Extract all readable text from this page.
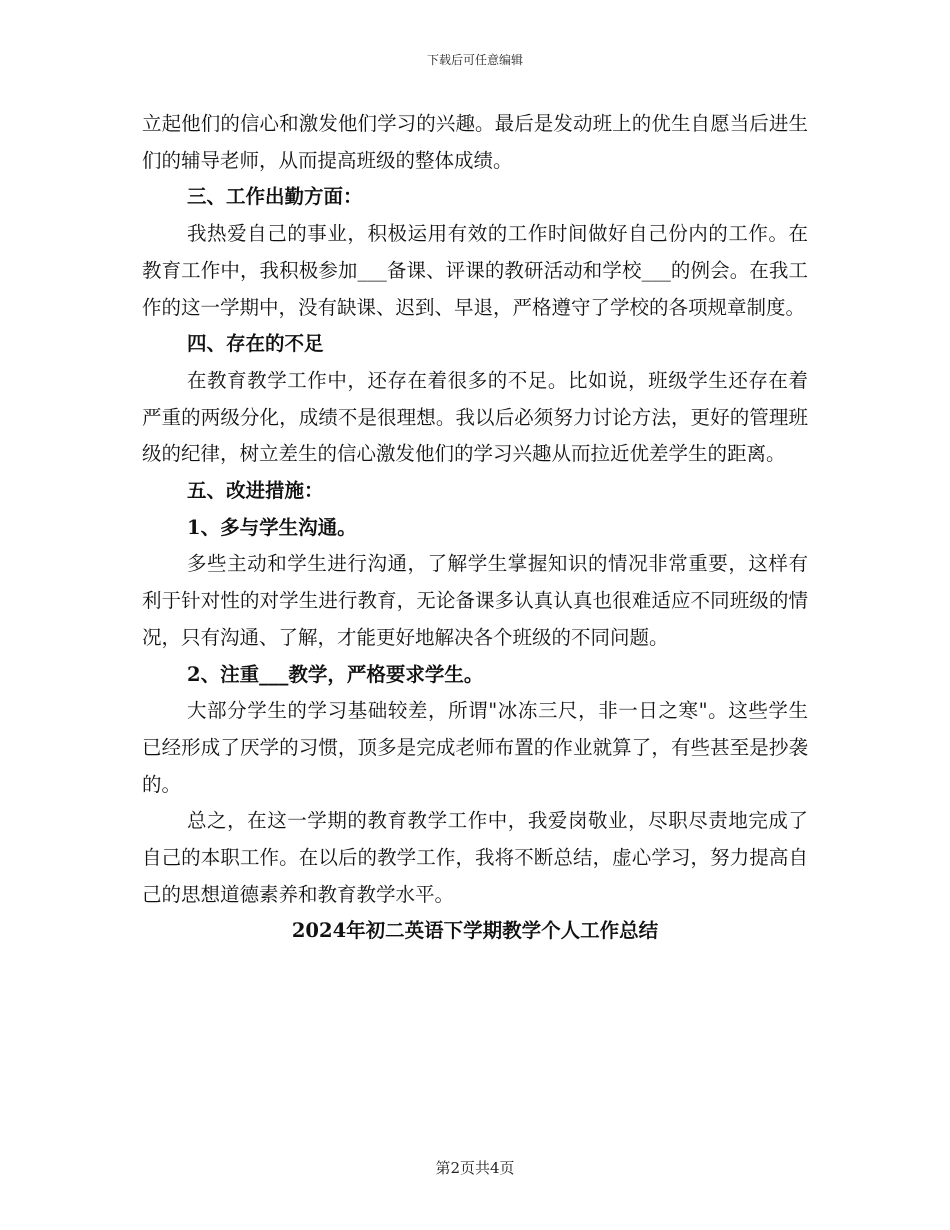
下载后可任意编辑

立起他们的信心和激发他们学习的兴趣。最后是发动班上的优生自愿当后进生们的辅导老师，从而提高班级的整体成绩。

三、工作出勤方面：

我热爱自己的事业，积极运用有效的工作时间做好自己份内的工作。在教育工作中，我积极参加___备课、评课的教研活动和学校___的例会。在我工作的这一学期中，没有缺课、迟到、早退，严格遵守了学校的各项规章制度。

四、存在的不足

在教育教学工作中，还存在着很多的不足。比如说，班级学生还存在着严重的两级分化，成绩不是很理想。我以后必须努力讨论方法，更好的管理班级的纪律，树立差生的信心激发他们的学习兴趣从而拉近优差学生的距离。

五、改进措施：

1、多与学生沟通。

多些主动和学生进行沟通，了解学生掌握知识的情况非常重要，这样有利于针对性的对学生进行教育，无论备课多认真认真也很难适应不同班级的情况，只有沟通、了解，才能更好地解决各个班级的不同问题。

2、注重___教学，严格要求学生。

大部分学生的学习基础较差，所谓"冰冻三尺，非一日之寒"。这些学生已经形成了厌学的习惯，顶多是完成老师布置的作业就算了，有些甚至是抄袭的。

总之，在这一学期的教育教学工作中，我爱岗敬业，尽职尽责地完成了自己的本职工作。在以后的教学工作，我将不断总结，虚心学习，努力提高自己的思想道德素养和教育教学水平。

2024年初二英语下学期教学个人工作总结

第2页共4页
